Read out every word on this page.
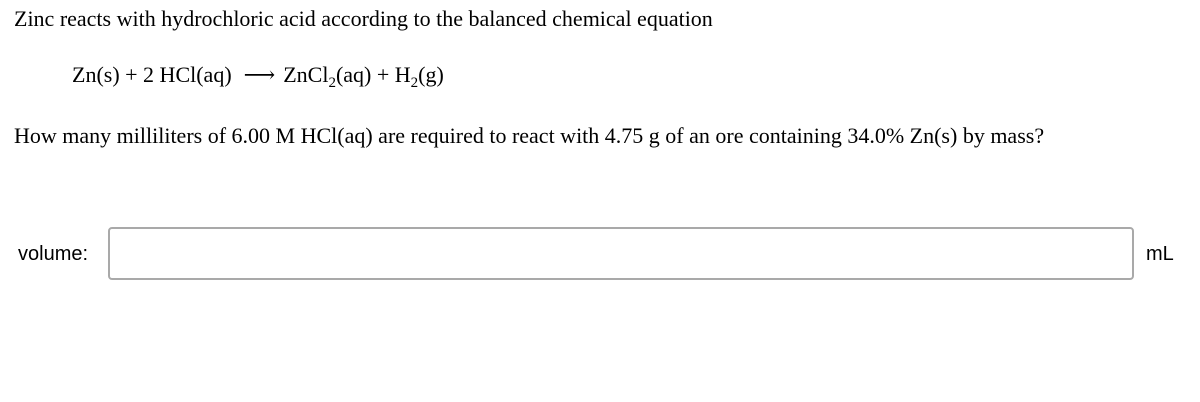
Zinc reacts with hydrochloric acid according to the balanced chemical equation
Zn(s) + 2 HCl(aq) ⟶ ZnCl$_2$(aq) + $H_2(g)$
How many milliliters of 6.00 M HCl(aq) are required to react with 4.75 g of an ore containing 34.0% Zn(s) by mass?
volume:	mL
